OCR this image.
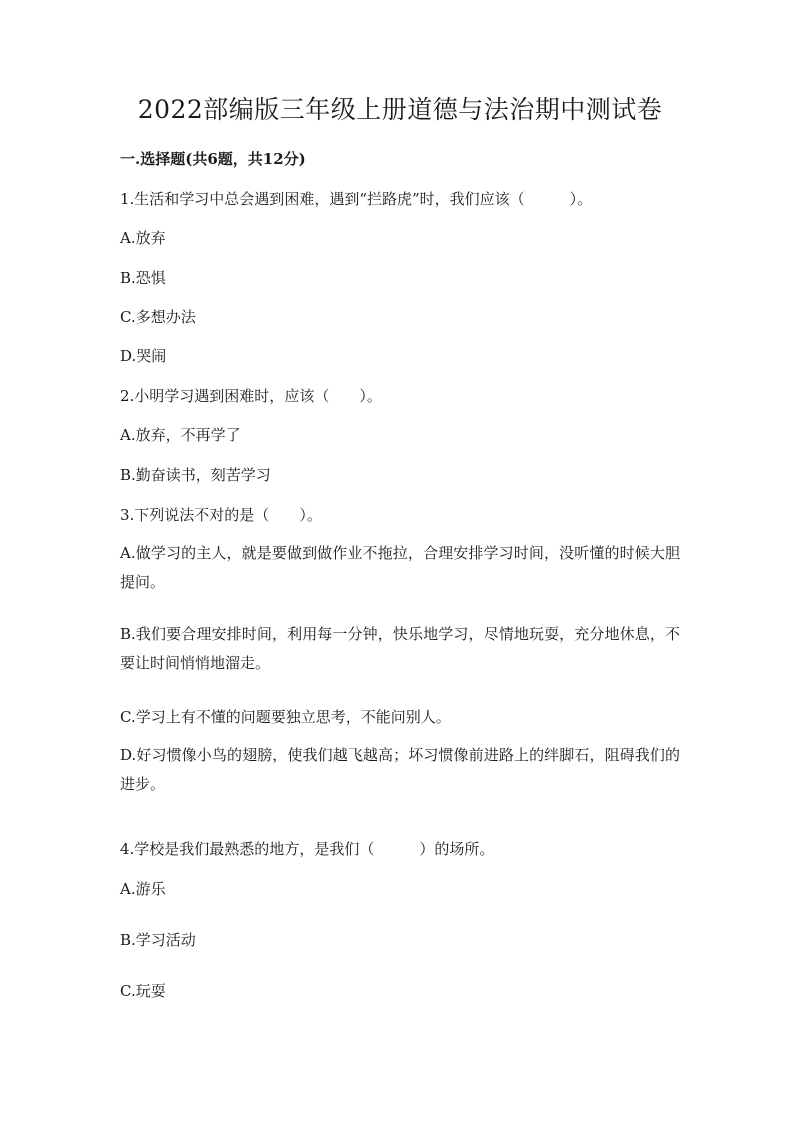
2022部编版三年级上册道德与法治期中测试卷

一.选择题(共6题，共12分)

1.生活和学习中总会遇到困难，遇到“拦路虎”时，我们应该（　　　）。

A.放弃

B.恐惧

C.多想办法

D.哭闹

2.小明学习遇到困难时，应该（　　）。

A.放弃，不再学了

B.勤奋读书，刻苦学习

3.下列说法不对的是（　　）。

A.做学习的主人，就是要做到做作业不拖拉，合理安排学习时间，没听懂的时候大胆提问。

B.我们要合理安排时间，利用每一分钟，快乐地学习，尽情地玩耍，充分地休息，不要让时间悄悄地溜走。

C.学习上有不懂的问题要独立思考，不能问别人。

D.好习惯像小鸟的翅膀，使我们越飞越高；坏习惯像前进路上的绊脚石，阻碍我们的进步。

4.学校是我们最熟悉的地方，是我们（　　　）的场所。

A.游乐

B.学习活动

C.玩耍
